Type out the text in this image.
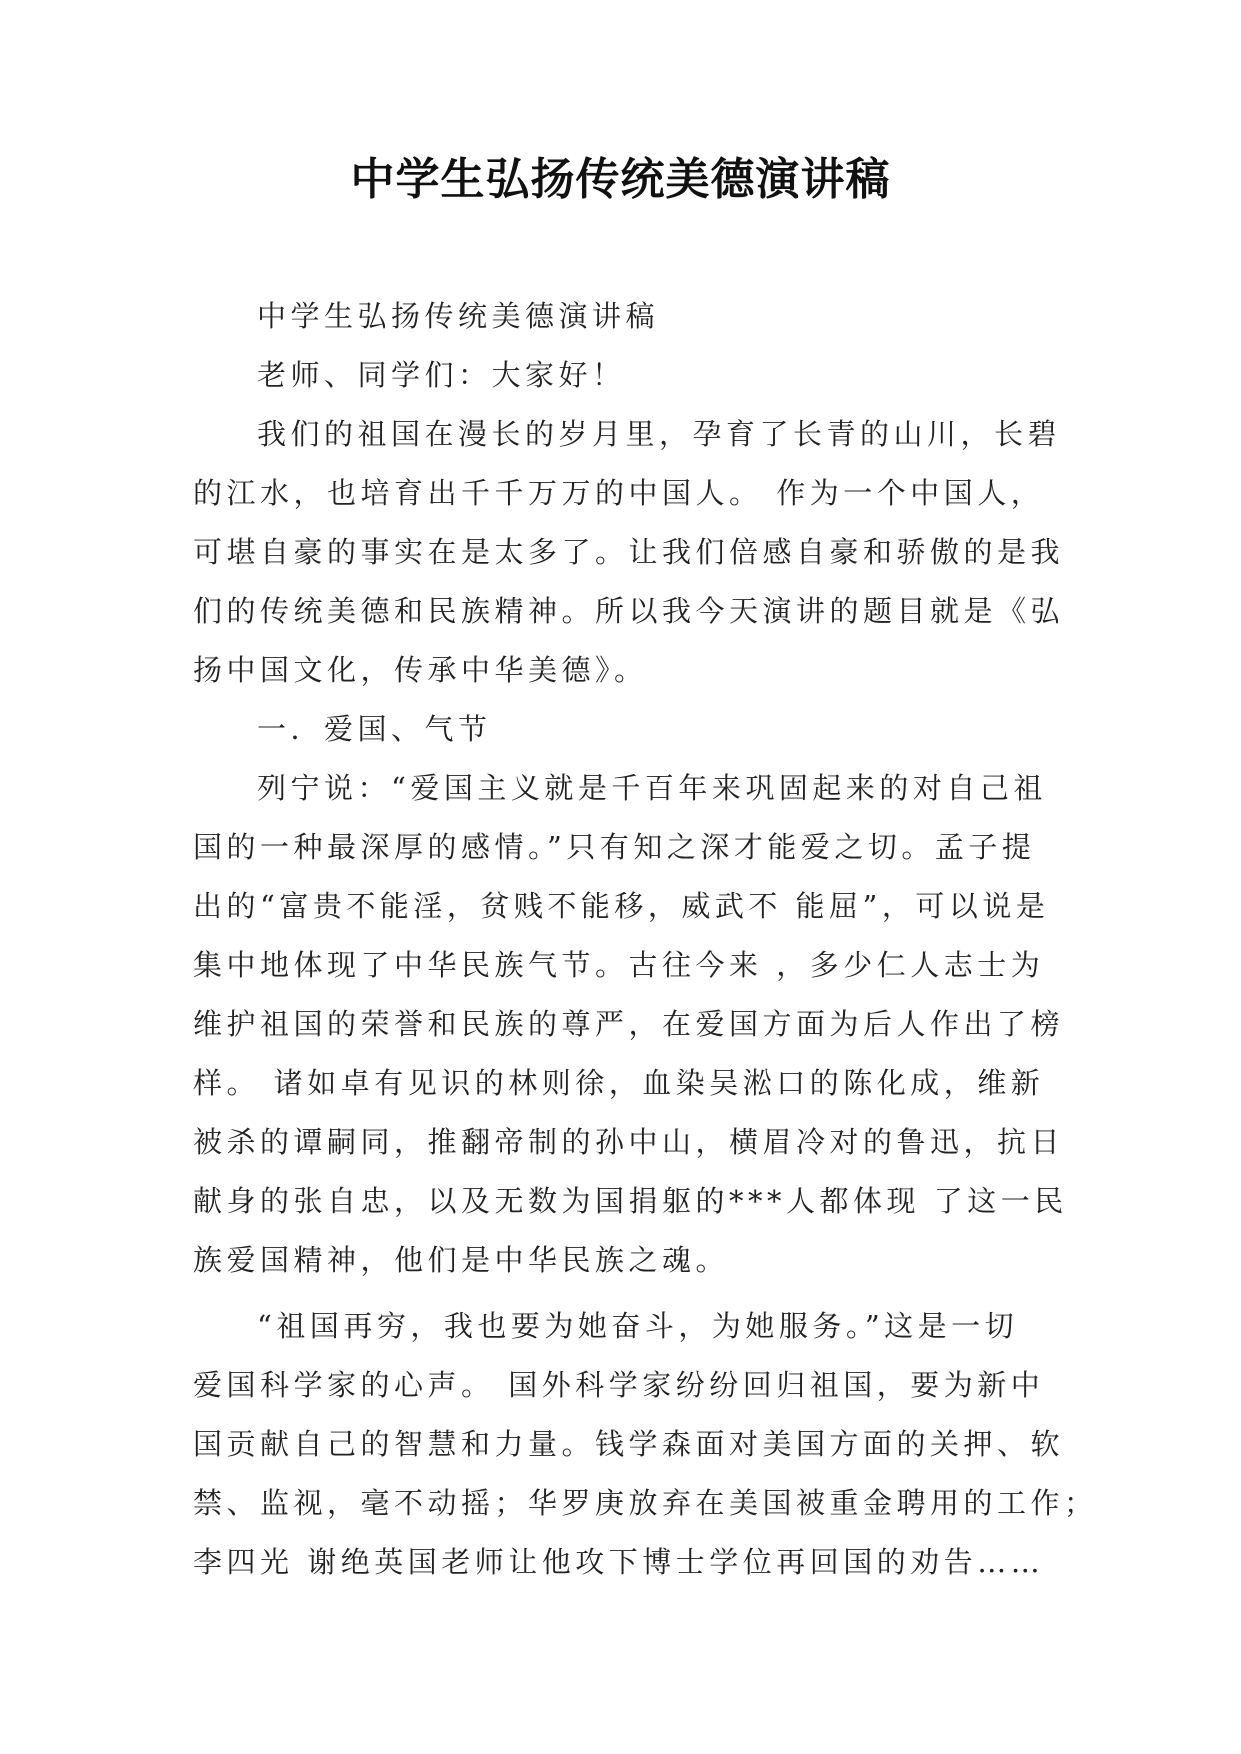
中学生弘扬传统美德演讲稿
中学生弘扬传统美德演讲稿
老师、同学们：大家好！
我们的祖国在漫长的岁月里，孕育了长青的山川，长碧
的江水，也培育出千千万万的中国人。 作为一个中国人，
可堪自豪的事实在是太多了。让我们倍感自豪和骄傲的是我
们的传统美德和民族精神。所以我今天演讲的题目就是《弘
扬中国文化，传承中华美德》。
一．爱国、气节
列宁说：“爱国主义就是千百年来巩固起来的对自己祖
国的一种最深厚的感情。”只有知之深才能爱之切。孟子提
出的“富贵不能淫，贫贱不能移，威武不 能屈”，可以说是
集中地体现了中华民族气节。古往今来 ，多少仁人志士为
维护祖国的荣誉和民族的尊严，在爱国方面为后人作出了榜
样。 诸如卓有见识的林则徐，血染吴淞口的陈化成，维新
被杀的谭嗣同，推翻帝制的孙中山，横眉冷对的鲁迅，抗日
献身的张自忠，以及无数为国捐躯的***人都体现 了这一民
族爱国精神，他们是中华民族之魂。
“祖国再穷，我也要为她奋斗，为她服务。”这是一切
爱国科学家的心声。 国外科学家纷纷回归祖国，要为新中
国贡献自己的智慧和力量。钱学森面对美国方面的关押、软
禁、监视，毫不动摇；华罗庚放弃在美国被重金聘用的工作；
李四光 谢绝英国老师让他攻下博士学位再回国的劝告……
